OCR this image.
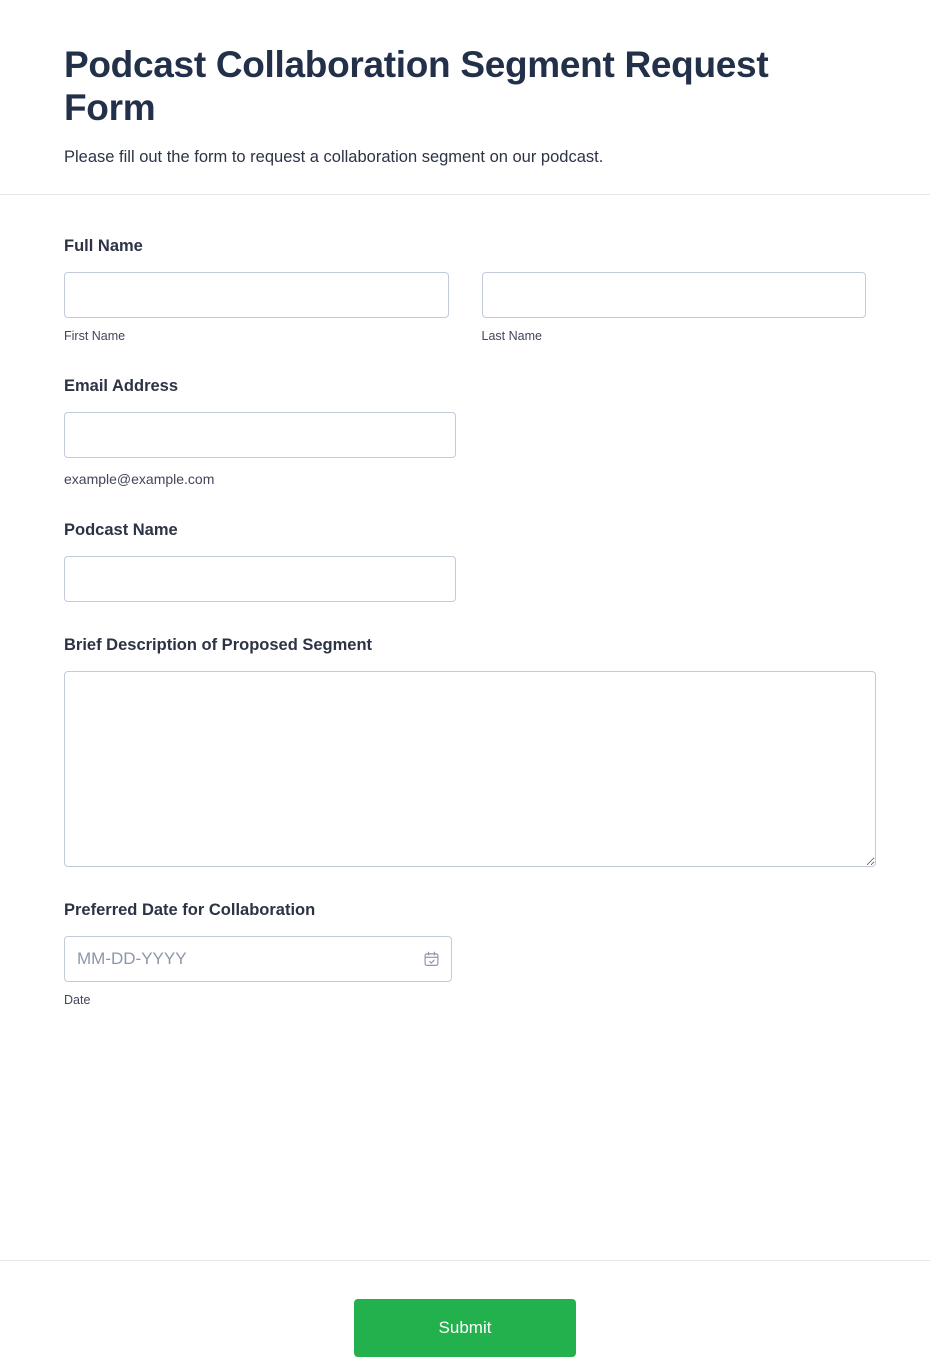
Podcast Collaboration Segment Request Form

Please fill out the form to request a collaboration segment on our podcast.

Full Name
First Name	Last Name
Email Address
example@example.com
Podcast Name
Brief Description of Proposed Segment
Preferred Date for Collaboration
MM-DD-YYYY
Date
Submit
